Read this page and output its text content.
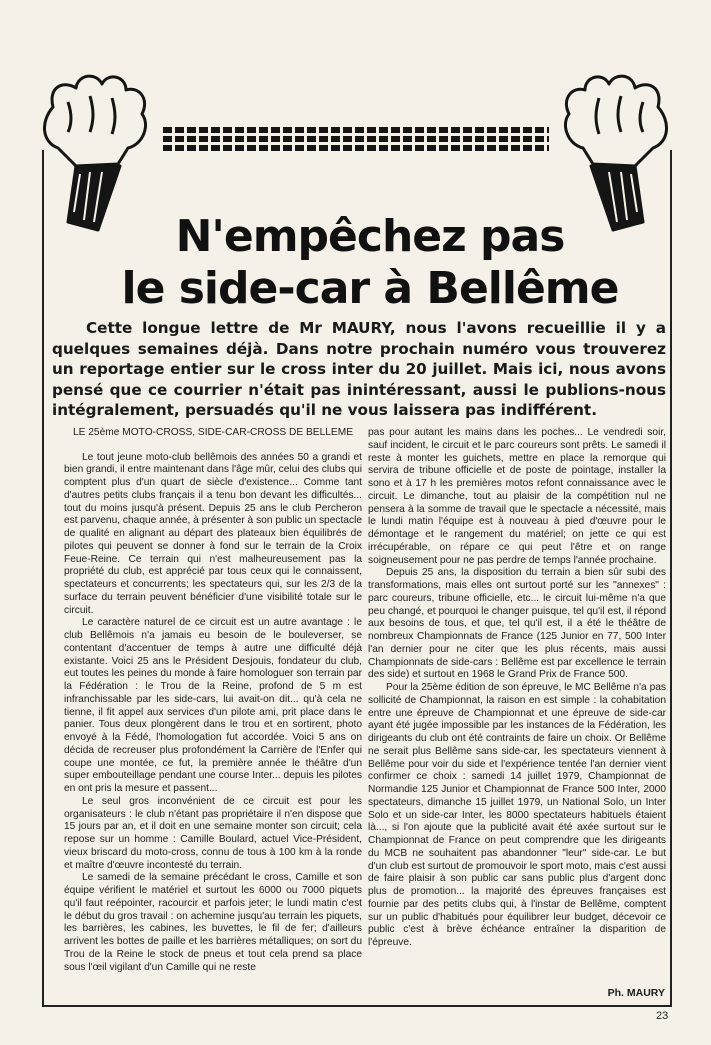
N'empêchez pas
le side-car à Bellême
Cette longue lettre de Mr MAURY, nous l'avons recueillie il y a quelques semaines déjà. Dans notre prochain numéro vous trouverez un reportage entier sur le cross inter du 20 juillet. Mais ici, nous avons pensé que ce courrier n'était pas inintéressant, aussi le publions-nous intégralement, persuadés qu'il ne vous laissera pas indifférent.

LE 25ème MOTO-CROSS, SIDE-CAR-CROSS DE BELLEME

Le tout jeune moto-club bellêmois des années 50 a grandi et bien grandi, il entre maintenant dans l'âge mûr, celui des clubs qui comptent plus d'un quart de siècle d'existence... Comme tant d'autres petits clubs français il a tenu bon devant les difficultés... tout du moins jusqu'à présent. Depuis 25 ans le club Percheron est parvenu, chaque année, à présenter à son public un spectacle de qualité en alignant au départ des plateaux bien équilibrés de pilotes qui peuvent se donner à fond sur le terrain de la Croix Feue-Reine. Ce terrain qui n'est malheureusement pas la propriété du club, est apprécié par tous ceux qui le connaissent, spectateurs et concurrents; les spectateurs qui, sur les 2/3 de la surface du terrain peuvent bénéficier d'une visibilité totale sur le circuit.

Le caractère naturel de ce circuit est un autre avantage : le club Bellêmois n'a jamais eu besoin de le bouleverser, se contentant d'accentuer de temps à autre une difficulté déjà existante. Voici 25 ans le Président Desjouis, fondateur du club, eut toutes les peines du monde à faire homologuer son terrain par la Fédération : le Trou de la Reine, profond de 5 m est infranchissable par les side-cars, lui avait-on dit... qu'à cela ne tienne, il fit appel aux services d'un pilote ami, prit place dans le panier. Tous deux plongèrent dans le trou et en sortirent, photo envoyé à la Fédé, l'homologation fut accordée. Voici 5 ans on décida de recreuser plus profondément la Carrière de l'Enfer qui coupe une montée, ce fut, la première année le théâtre d'un super embouteillage pendant une course Inter... depuis les pilotes en ont pris la mesure et passent...

Le seul gros inconvénient de ce circuit est pour les organisateurs : le club n'étant pas propriétaire il n'en dispose que 15 jours par an, et il doit en une semaine monter son circuit; cela repose sur un homme : Camille Boulard, actuel Vice-Président, vieux briscard du moto-cross, connu de tous à 100 km à la ronde et maître d'œuvre incontesté du terrain.

Le samedi de la semaine précédant le cross, Camille et son équipe vérifient le matériel et surtout les 6000 ou 7000 piquets qu'il faut reépointer, racourcir et parfois jeter; le lundi matin c'est le début du gros travail : on achemine jusqu'au terrain les piquets, les barrières, les cabines, les buvettes, le fil de fer; d'ailleurs arrivent les bottes de paille et les barrières métalliques; on sort du Trou de la Reine le stock de pneus et tout cela prend sa place sous l'œil vigilant d'un Camille qui ne reste

pas pour autant les mains dans les poches... Le vendredi soir, sauf incident, le circuit et le parc coureurs sont prêts. Le samedi il reste à monter les guichets, mettre en place la remorque qui servira de tribune officielle et de poste de pointage, installer la sono et à 17 h les premières motos refont connaissance avec le circuit. Le dimanche, tout au plaisir de la compétition nul ne pensera à la somme de travail que le spectacle a nécessité, mais le lundi matin l'équipe est à nouveau à pied d'œuvre pour le démontage et le rangement du matériel; on jette ce qui est irrécupérable, on répare ce qui peut l'être et on range soigneusement pour ne pas perdre de temps l'année prochaine.

Depuis 25 ans, la disposition du terrain a bien sûr subi des transformations, mais elles ont surtout porté sur les "annexes" : parc coureurs, tribune officielle, etc... le circuit lui-même n'a que peu changé, et pourquoi le changer puisque, tel qu'il est, il répond aux besoins de tous, et que, tel qu'il est, il a été le théâtre de nombreux Championnats de France (125 Junior en 77, 500 Inter l'an dernier pour ne citer que les plus récents, mais aussi Championnats de side-cars : Bellême est par excellence le terrain des side) et surtout en 1968 le Grand Prix de France 500.

Pour la 25ème édition de son épreuve, le MC Bellême n'a pas sollicité de Championnat, la raison en est simple : la cohabitation entre une épreuve de Championnat et une épreuve de side-car ayant été jugée impossible par les instances de la Fédération, les dirigeants du club ont été contraints de faire un choix. Or Bellême ne serait plus Bellême sans side-car, les spectateurs viennent à Bellême pour voir du side et l'expérience tentée l'an dernier vient confirmer ce choix : samedi 14 juillet 1979, Championnat de Normandie 125 Junior et Championnat de France 500 Inter, 2000 spectateurs, dimanche 15 juillet 1979, un National Solo, un Inter Solo et un side-car Inter, les 8000 spectateurs habituels étaient là..., si l'on ajoute que la publicité avait été axée surtout sur le Championnat de France on peut comprendre que les dirigeants du MCB ne souhaitent pas abandonner "leur" side-car. Le but d'un club est surtout de promouvoir le sport moto, mais c'est aussi de faire plaisir à son public car sans public plus d'argent donc plus de promotion... la majorité des épreuves françaises est fournie par des petits clubs qui, à l'instar de Bellême, comptent sur un public d'habitués pour équilibrer leur budget, décevoir ce public c'est à brève échéance entraîner la disparition de l'épreuve.

Ph. MAURY
23
